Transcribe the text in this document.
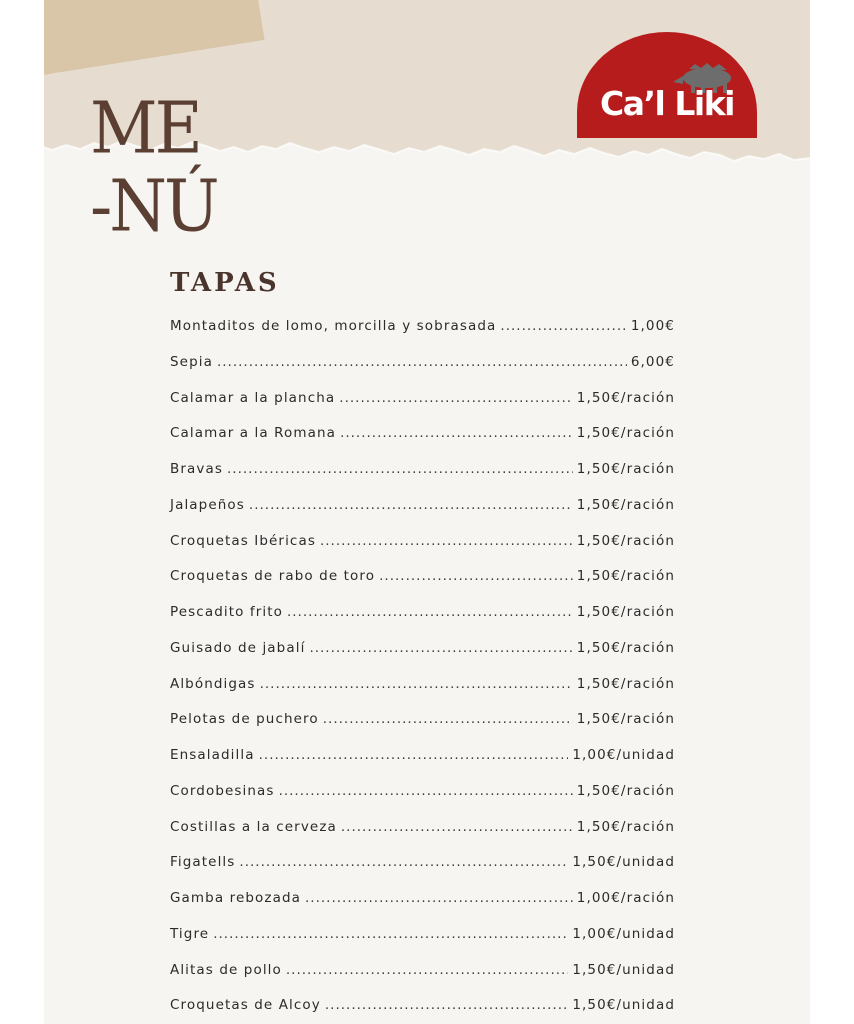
ME
-NÚ
Ca’l Liki
TAPAS
Montaditos de lomo, morcilla y sobrasada .....	1,00€
Sepia .....	6,00€
Calamar a la plancha .....	1,50€/ración
Calamar a la Romana .....	1,50€/ración
Bravas .....	1,50€/ración
Jalapeños .....	1,50€/ración
Croquetas Ibéricas .....	1,50€/ración
Croquetas de rabo de toro .....	1,50€/ración
Pescadito frito .....	1,50€/ración
Guisado de jabalí .....	1,50€/ración
Albóndigas .....	1,50€/ración
Pelotas de puchero .....	1,50€/ración
Ensaladilla .....	1,00€/unidad
Cordobesinas .....	1,50€/ración
Costillas a la cerveza .....	1,50€/ración
Figatells .....	1,50€/unidad
Gamba rebozada .....	1,00€/ración
Tigre .....	1,00€/unidad
Alitas de pollo .....	1,50€/unidad
Croquetas de Alcoy .....	1,50€/unidad
